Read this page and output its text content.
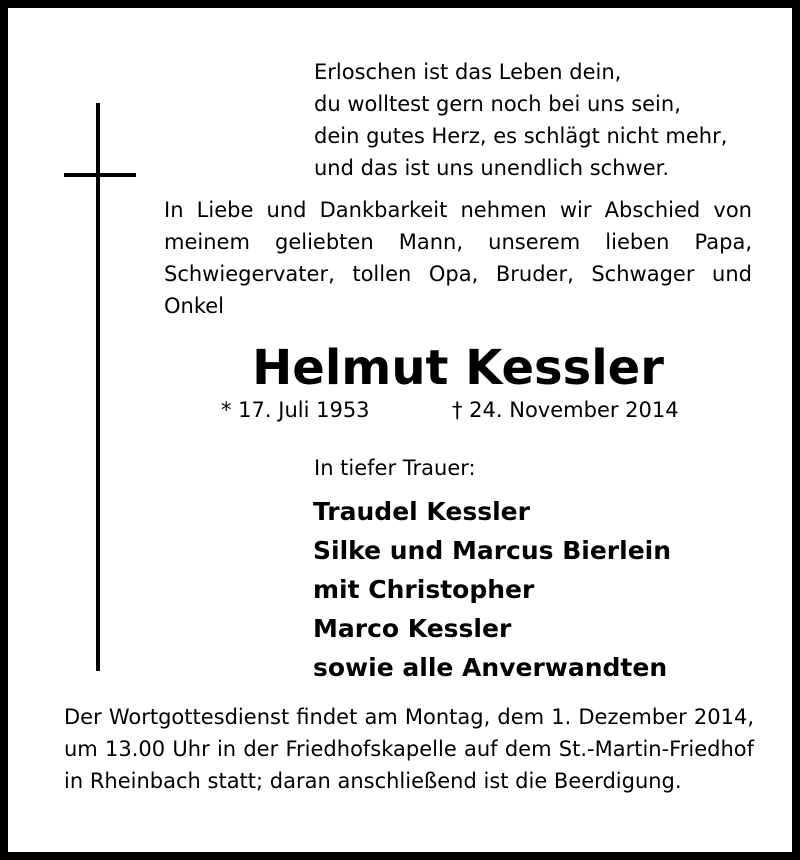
Erloschen ist das Leben dein,
du wolltest gern noch bei uns sein,
dein gutes Herz, es schlägt nicht mehr,
und das ist uns unendlich schwer.
In Liebe und Dankbarkeit nehmen wir Abschied von meinem geliebten Mann, unserem lieben Papa, Schwiegervater, tollen Opa, Bruder, Schwager und Onkel
Helmut Kessler
* 17. Juli 1953	† 24. November 2014
In tiefer Trauer:
Traudel Kessler
Silke und Marcus Bierlein
mit Christopher
Marco Kessler
sowie alle Anverwandten
Der Wortgottesdienst findet am Montag, dem 1. Dezember 2014, um 13.00 Uhr in der Friedhofskapelle auf dem St.-Martin-Friedhof in Rheinbach statt; daran anschließend ist die Beerdigung.
